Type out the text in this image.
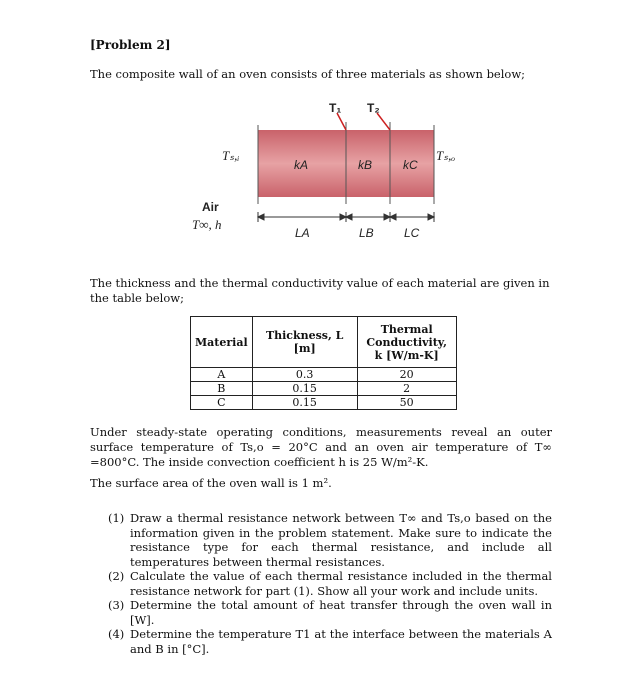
[Problem 2]
The composite wall of an oven consists of three materials as shown below;
T₁ T₂
Tₛ,ᵢ	Tₛ,ₒ
kA	kB	kC
Air
T∞, h
LA	LB	LC
The thickness and the thermal conductivity value of each material are given in the table below;
Material	Thickness, L [m]	Thermal Conductivity, k [W/m-K]
A	0.3	20
B	0.15	2
C	0.15	50
Under steady-state operating conditions, measurements reveal an outer surface temperature of Ts,o = 20°C and an oven air temperature of T∞ =800°C. The inside convection coefficient h is 25 W/m²-K.
The surface area of the oven wall is 1 m².
(1) Draw a thermal resistance network between T∞ and Ts,o based on the information given in the problem statement. Make sure to indicate the resistance type for each thermal resistance, and include all temperatures between thermal resistances.
(2) Calculate the value of each thermal resistance included in the thermal resistance network for part (1). Show all your work and include units.
(3) Determine the total amount of heat transfer through the oven wall in [W].
(4) Determine the temperature T1 at the interface between the materials A and B in [°C].
